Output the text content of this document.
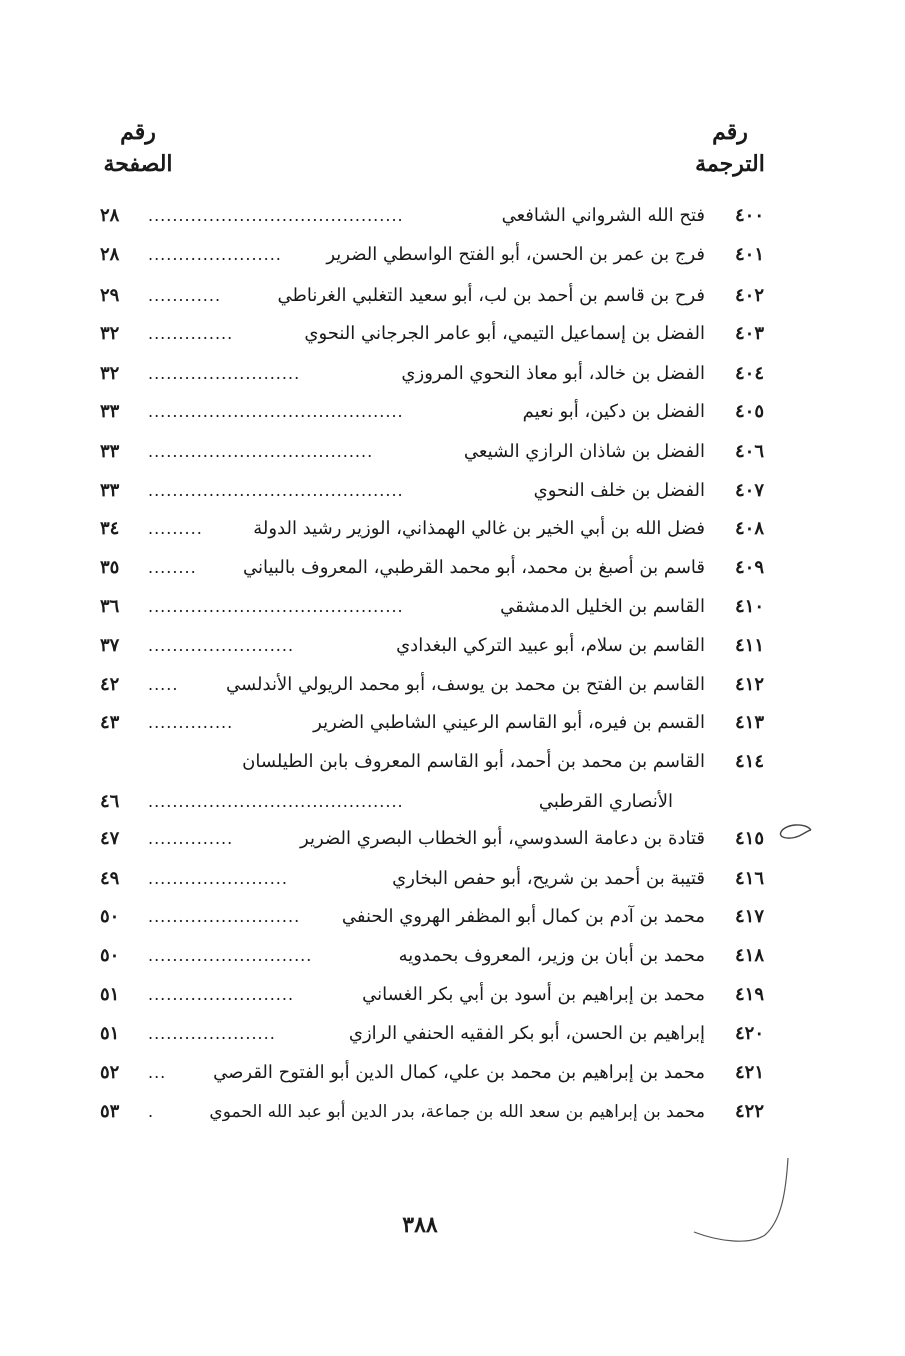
رقم
الترجمة
رقم
الصفحة
٤٠٠
فتح الله الشرواني الشافعي
..........................................
٢٨
٤٠١
فرج بن عمر بن الحسن، أبو الفتح الواسطي الضرير
......................
٢٨
٤٠٢
فرح بن قاسم بن أحمد بن لب، أبو سعيد التغلبي الغرناطي
............
٢٩
٤٠٣
الفضل بن إسماعيل التيمي، أبو عامر الجرجاني النحوي
..............
٣٢
٤٠٤
الفضل بن خالد، أبو معاذ النحوي المروزي
.........................
٣٢
٤٠٥
الفضل بن دكين، أبو نعيم
..........................................
٣٣
٤٠٦
الفضل بن شاذان الرازي الشيعي
.....................................
٣٣
٤٠٧
الفضل بن خلف النحوي
..........................................
٣٣
٤٠٨
فضل الله بن أبي الخير بن غالي الهمذاني، الوزير رشيد الدولة
.........
٣٤
٤٠٩
قاسم بن أصبغ بن محمد، أبو محمد القرطبي، المعروف بالبياني
........
٣٥
٤١٠
القاسم بن الخليل الدمشقي
..........................................
٣٦
٤١١
القاسم بن سلام، أبو عبيد التركي البغدادي
........................
٣٧
٤١٢
القاسم بن الفتح بن محمد بن يوسف، أبو محمد الريولي الأندلسي
.....
٤٢
٤١٣
القسم بن فيره، أبو القاسم الرعيني الشاطبي الضرير
..............
٤٣
٤١٤
القاسم بن محمد بن أحمد، أبو القاسم المعروف بابن الطيلسان
الأنصاري القرطبي
..........................................
٤٦
٤١٥
قتادة بن دعامة السدوسي، أبو الخطاب البصري الضرير
..............
٤٧
٤١٦
قتيبة بن أحمد بن شريح، أبو حفص البخاري
.......................
٤٩
٤١٧
محمد بن آدم بن كمال أبو المظفر الهروي الحنفي
.........................
٥٠
٤١٨
محمد بن أبان بن وزير، المعروف بحمدويه
...........................
٥٠
٤١٩
محمد بن إبراهيم بن أسود بن أبي بكر الغساني
........................
٥١
٤٢٠
إبراهيم بن الحسن، أبو بكر الفقيه الحنفي الرازي
.....................
٥١
٤٢١
محمد بن إبراهيم بن محمد بن علي، كمال الدين أبو الفتوح القرصي
...
٥٢
٤٢٢
محمد بن إبراهيم بن سعد الله بن جماعة، بدر الدين أبو عبد الله الحموي
.
٥٣
٣٨٨
